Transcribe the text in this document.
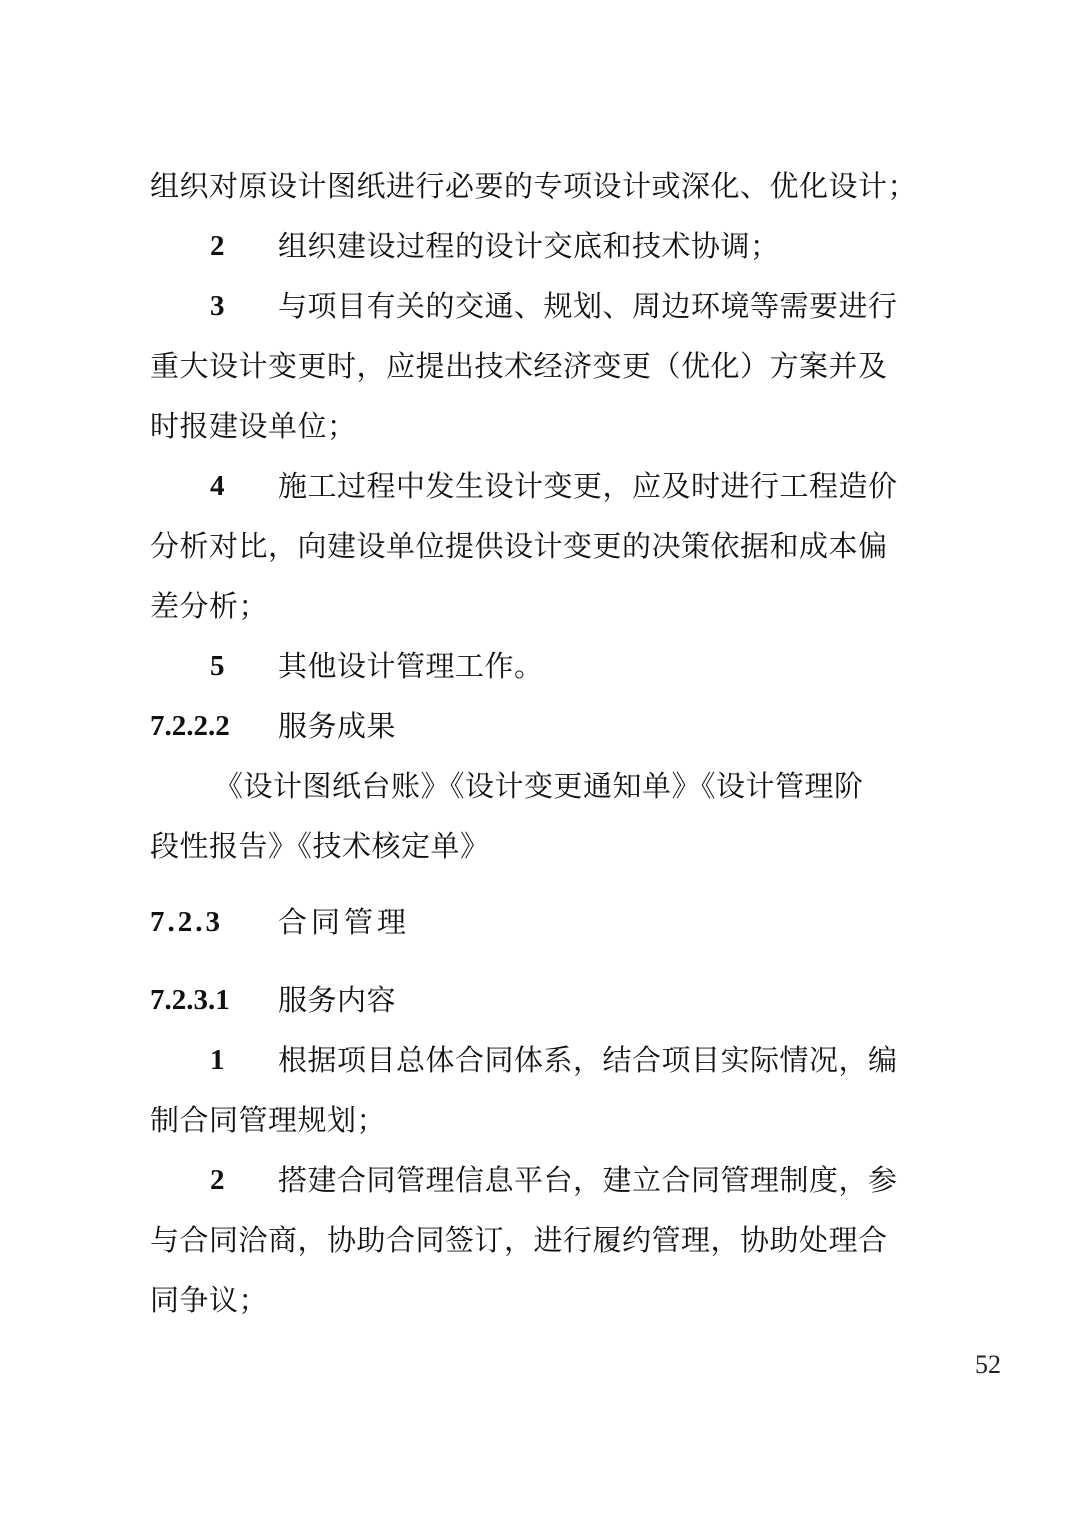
组织对原设计图纸进行必要的专项设计或深化、优化设计；
2 组织建设过程的设计交底和技术协调；
3 与项目有关的交通、规划、周边环境等需要进行
重大设计变更时，应提出技术经济变更（优化）方案并及
时报建设单位；
4 施工过程中发生设计变更，应及时进行工程造价
分析对比，向建设单位提供设计变更的决策依据和成本偏
差分析；
5 其他设计管理工作。
7.2.2.2 服务成果
《设计图纸台账》《设计变更通知单》《设计管理阶
段性报告》《技术核定单》
7.2.3 合同管理
7.2.3.1 服务内容
1 根据项目总体合同体系，结合项目实际情况，编
制合同管理规划；
2 搭建合同管理信息平台，建立合同管理制度，参
与合同洽商，协助合同签订，进行履约管理，协助处理合
同争议；
52
